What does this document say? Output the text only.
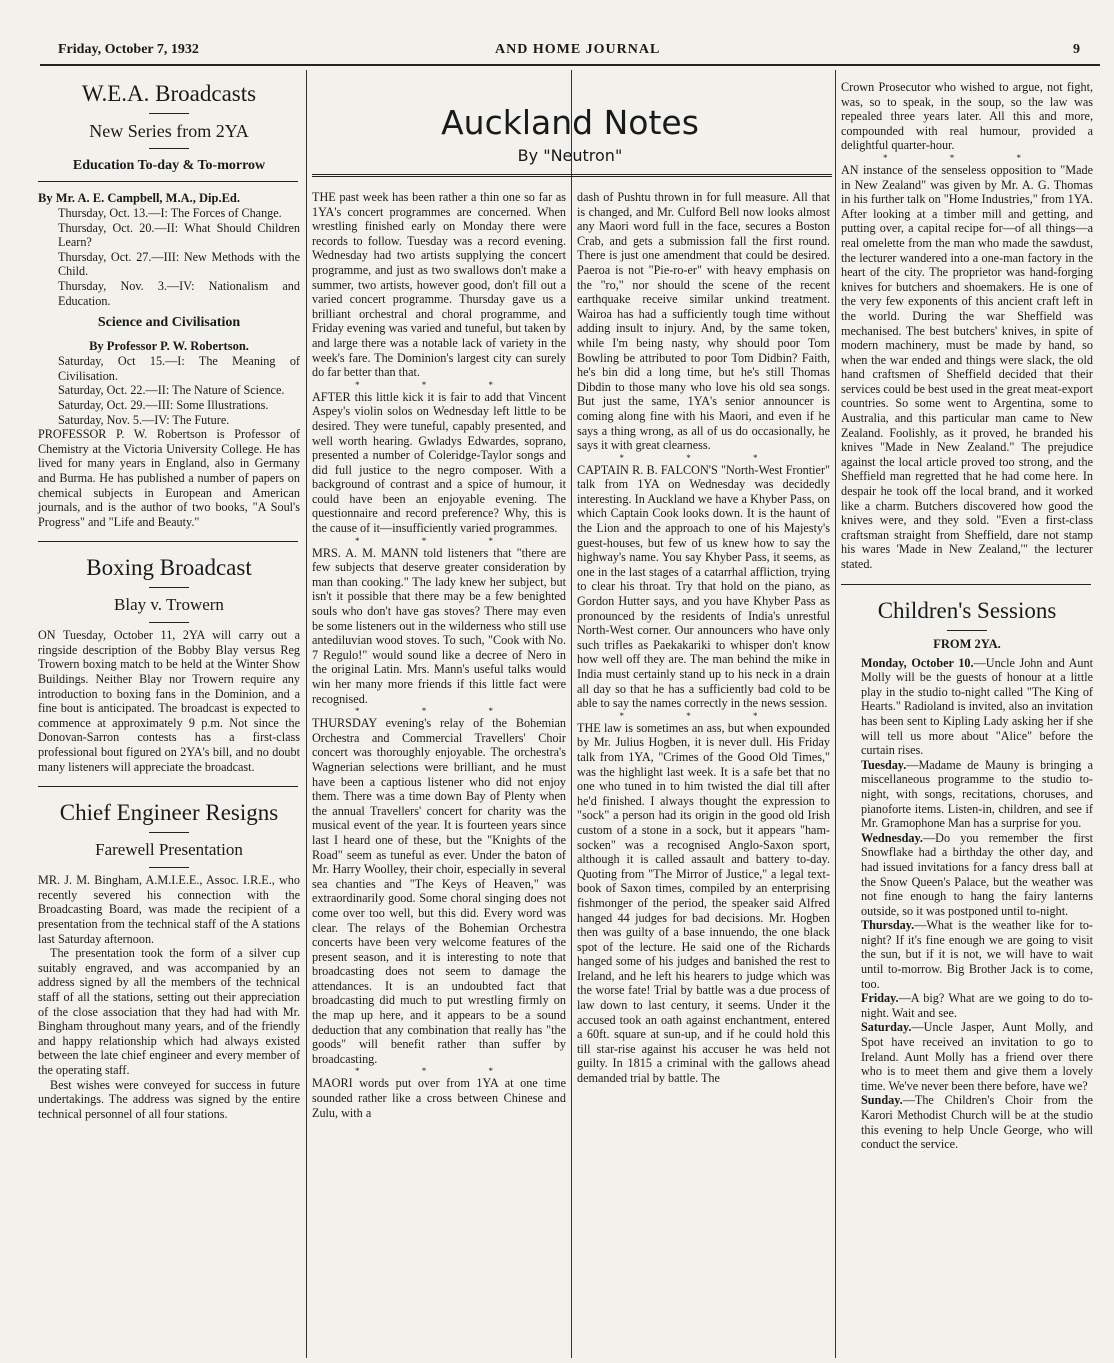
Friday, October 7, 1932	AND HOME JOURNAL	9
W.E.A. Broadcasts
New Series from 2YA
Education To-day & To-morrow
By Mr. A. E. Campbell, M.A., Dip.Ed.

Thursday, Oct. 13.—I: The Forces of Change.

Thursday, Oct. 20.—II: What Should Children Learn?

Thursday, Oct. 27.—III: New Methods with the Child.

Thursday, Nov. 3.—IV: Nationalism and Education.

Science and Civilisation
By Professor P. W. Robertson.

Saturday, Oct 15.—I: The Meaning of Civilisation.

Saturday, Oct. 22.—II: The Nature of Science.

Saturday, Oct. 29.—III: Some Illustrations.

Saturday, Nov. 5.—IV: The Future.

PROFESSOR P. W. Robertson is Professor of Chemistry at the Victoria University College. He has lived for many years in England, also in Germany and Burma. He has published a number of papers on chemical subjects in European and American journals, and is the author of two books, "A Soul's Progress" and "Life and Beauty."

Boxing Broadcast
Blay v. Trowern

ON Tuesday, October 11, 2YA will carry out a ringside description of the Bobby Blay versus Reg Trowern boxing match to be held at the Winter Show Buildings. Neither Blay nor Trowern require any introduction to boxing fans in the Dominion, and a fine bout is anticipated. The broadcast is expected to commence at approximately 9 p.m. Not since the Donovan-Sarron contests has a first-class professional bout figured on 2YA's bill, and no doubt many listeners will appreciate the broadcast.

Chief Engineer Resigns
Farewell Presentation

MR. J. M. Bingham, A.M.I.E.E., Assoc. I.R.E., who recently severed his connection with the Broadcasting Board, was made the recipient of a presentation from the technical staff of the A stations last Saturday afternoon.

The presentation took the form of a silver cup suitably engraved, and was accompanied by an address signed by all the members of the technical staff of all the stations, setting out their appreciation of the close association that they had had with Mr. Bingham throughout many years, and of the friendly and happy relationship which had always existed between the late chief engineer and every member of the operating staff.

Best wishes were conveyed for success in future undertakings. The address was signed by the entire technical personnel of all four stations.

Auckland Notes
By "Neutron"

THE past week has been rather a thin one so far as 1YA's concert programmes are concerned. When wrestling finished early on Monday there were records to follow. Tuesday was a record evening. Wednesday had two artists supplying the concert programme, and just as two swallows don't make a summer, two artists, however good, don't fill out a varied concert programme. Thursday gave us a brilliant orchestral and choral programme, and Friday evening was varied and tuneful, but taken by and large there was a notable lack of variety in the week's fare. The Dominion's largest city can surely do far better than that.

* * *

AFTER this little kick it is fair to add that Vincent Aspey's violin solos on Wednesday left little to be desired. They were tuneful, capably presented, and well worth hearing. Gwladys Edwardes, soprano, presented a number of Coleridge-Taylor songs and did full justice to the negro composer. With a background of contrast and a spice of humour, it could have been an enjoyable evening. The questionnaire and record preference? Why, this is the cause of it—insufficiently varied programmes.

* * *

MRS. A. M. MANN told listeners that "there are few subjects that deserve greater consideration by man than cooking." The lady knew her subject, but isn't it possible that there may be a few benighted souls who don't have gas stoves? There may even be some listeners out in the wilderness who still use antediluvian wood stoves. To such, "Cook with No. 7 Regulo!" would sound like a decree of Nero in the original Latin. Mrs. Mann's useful talks would win her many more friends if this little fact were recognised.

* * *

THURSDAY evening's relay of the Bohemian Orchestra and Commercial Travellers' Choir concert was thoroughly enjoyable. The orchestra's Wagnerian selections were brilliant, and he must have been a captious listener who did not enjoy them. There was a time down Bay of Plenty when the annual Travellers' concert for charity was the musical event of the year. It is fourteen years since last I heard one of these, but the "Knights of the Road" seem as tuneful as ever. Under the baton of Mr. Harry Woolley, their choir, especially in several sea chanties and "The Keys of Heaven," was extraordinarily good. Some choral singing does not come over too well, but this did. Every word was clear. The relays of the Bohemian Orchestra concerts have been very welcome features of the present season, and it is interesting to note that broadcasting does not seem to damage the attendances. It is an undoubted fact that broadcasting did much to put wrestling firmly on the map up here, and it appears to be a sound deduction that any combination that really has "the goods" will benefit rather than suffer by broadcasting.

* * *

MAORI words put over from 1YA at one time sounded rather like a cross between Chinese and Zulu, with a

dash of Pushtu thrown in for full measure. All that is changed, and Mr. Culford Bell now looks almost any Maori word full in the face, secures a Boston Crab, and gets a submission fall the first round. There is just one amendment that could be desired. Paeroa is not "Pie-ro-er" with heavy emphasis on the "ro," nor should the scene of the recent earthquake receive similar unkind treatment. Wairoa has had a sufficiently tough time without adding insult to injury. And, by the same token, while I'm being nasty, why should poor Tom Bowling be attributed to poor Tom Didbin? Faith, he's bin did a long time, but he's still Thomas Dibdin to those many who love his old sea songs. But just the same, 1YA's senior announcer is coming along fine with his Maori, and even if he says a thing wrong, as all of us do occasionally, he says it with great clearness.

* * *

CAPTAIN R. B. FALCON'S "North-West Frontier" talk from 1YA on Wednesday was decidedly interesting. In Auckland we have a Khyber Pass, on which Captain Cook looks down. It is the haunt of the Lion and the approach to one of his Majesty's guest-houses, but few of us knew how to say the highway's name. You say Khyber Pass, it seems, as one in the last stages of a catarrhal affliction, trying to clear his throat. Try that hold on the piano, as Gordon Hutter says, and you have Khyber Pass as pronounced by the residents of India's unrestful North-West corner. Our announcers who have only such trifles as Paekakariki to whisper don't know how well off they are. The man behind the mike in India must certainly stand up to his neck in a drain all day so that he has a sufficiently bad cold to be able to say the names correctly in the news session.

* * *

THE law is sometimes an ass, but when expounded by Mr. Julius Hogben, it is never dull. His Friday talk from 1YA, "Crimes of the Good Old Times," was the highlight last week. It is a safe bet that no one who tuned in to him twisted the dial till after he'd finished. I always thought the expression to "sock" a person had its origin in the good old Irish custom of a stone in a sock, but it appears "ham-socken" was a recognised Anglo-Saxon sport, although it is called assault and battery to-day. Quoting from "The Mirror of Justice," a legal text-book of Saxon times, compiled by an enterprising fishmonger of the period, the speaker said Alfred hanged 44 judges for bad decisions. Mr. Hogben then was guilty of a base innuendo, the one black spot of the lecture. He said one of the Richards hanged some of his judges and banished the rest to Ireland, and he left his hearers to judge which was the worse fate! Trial by battle was a due process of law down to last century, it seems. Under it the accused took an oath against enchantment, entered a 60ft. square at sun-up, and if he could hold this till star-rise against his accuser he was held not guilty. In 1815 a criminal with the gallows ahead demanded trial by battle. The

Crown Prosecutor who wished to argue, not fight, was, so to speak, in the soup, so the law was repealed three years later. All this and more, compounded with real humour, provided a delightful quarter-hour.

* * *

AN instance of the senseless opposition to "Made in New Zealand" was given by Mr. A. G. Thomas in his further talk on "Home Industries," from 1YA. After looking at a timber mill and getting, and putting over, a capital recipe for—of all things—a real omelette from the man who made the sawdust, the lecturer wandered into a one-man factory in the heart of the city. The proprietor was hand-forging knives for butchers and shoemakers. He is one of the very few exponents of this ancient craft left in the world. During the war Sheffield was mechanised. The best butchers' knives, in spite of modern machinery, must be made by hand, so when the war ended and things were slack, the old hand craftsmen of Sheffield decided that their services could be best used in the great meat-export countries. So some went to Argentina, some to Australia, and this particular man came to New Zealand. Foolishly, as it proved, he branded his knives "Made in New Zealand." The prejudice against the local article proved too strong, and the Sheffield man regretted that he had come here. In despair he took off the local brand, and it worked like a charm. Butchers discovered how good the knives were, and they sold. "Even a first-class craftsman straight from Sheffield, dare not stamp his wares 'Made in New Zealand,'" the lecturer stated.

Children's Sessions
FROM 2YA.

Monday, October 10.—Uncle John and Aunt Molly will be the guests of honour at a little play in the studio to-night called "The King of Hearts." Radioland is invited, also an invitation has been sent to Kipling Lady asking her if she will tell us more about "Alice" before the curtain rises.

Tuesday.—Madame de Mauny is bringing a miscellaneous programme to the studio to-night, with songs, recitations, choruses, and pianoforte items. Listen-in, children, and see if Mr. Gramophone Man has a surprise for you.

Wednesday.—Do you remember the first Snowflake had a birthday the other day, and had issued invitations for a fancy dress ball at the Snow Queen's Palace, but the weather was not fine enough to hang the fairy lanterns outside, so it was postponed until to-night.

Thursday.—What is the weather like for to-night? If it's fine enough we are going to visit the sun, but if it is not, we will have to wait until to-morrow. Big Brother Jack is to come, too.

Friday.—A big? What are we going to do to-night. Wait and see.

Saturday.—Uncle Jasper, Aunt Molly, and Spot have received an invitation to go to Ireland. Aunt Molly has a friend over there who is to meet them and give them a lovely time. We've never been there before, have we?

Sunday.—The Children's Choir from the Karori Methodist Church will be at the studio this evening to help Uncle George, who will conduct the service.
